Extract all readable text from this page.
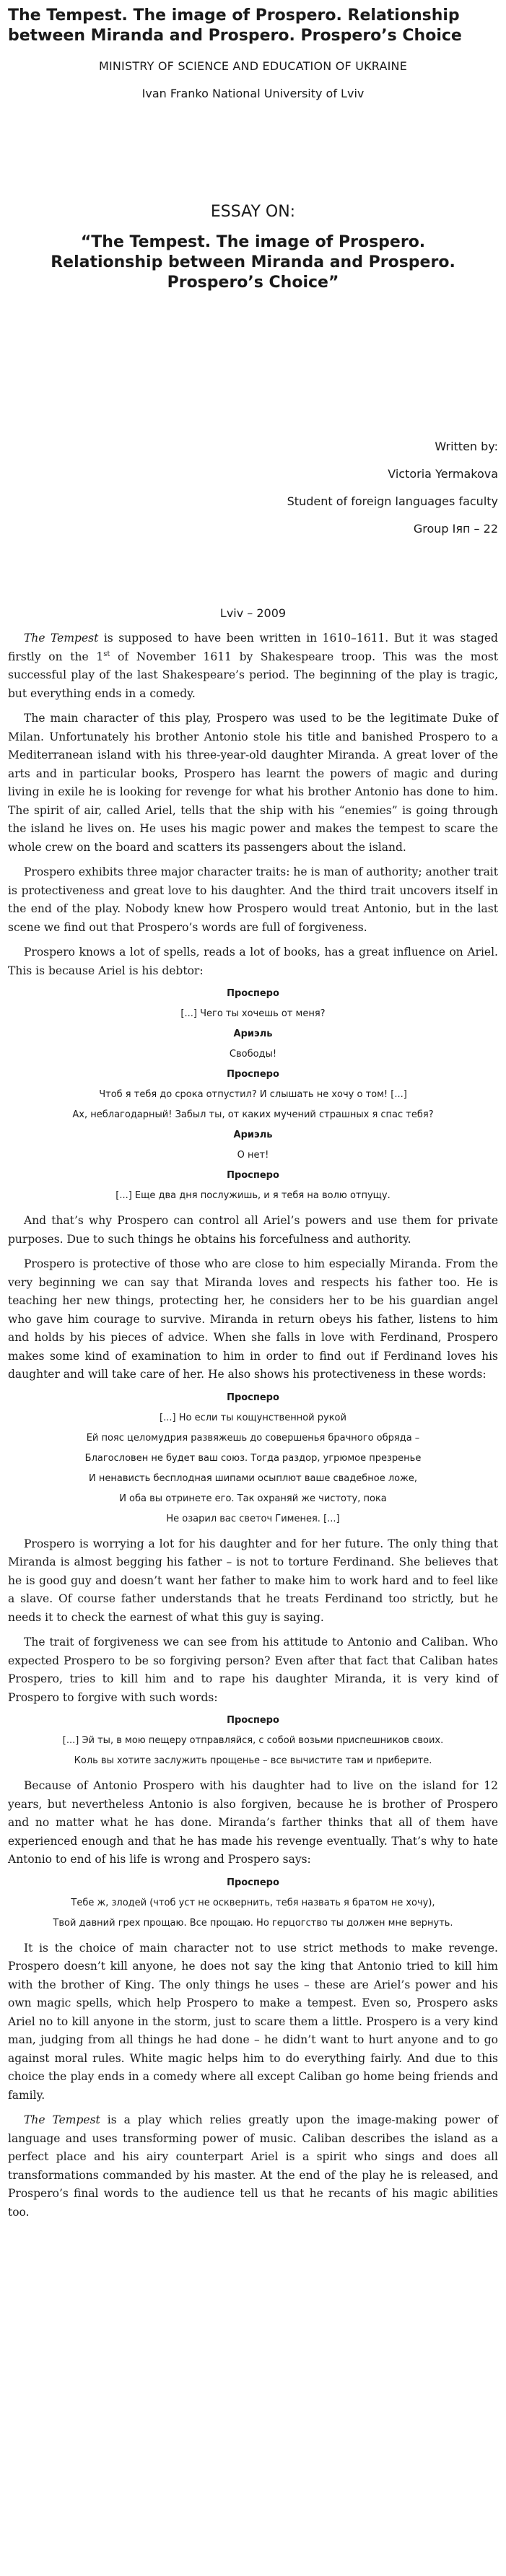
The Tempest. The image of Prospero. Relationship between Miranda and Prospero. Prospero’s Choice
MINISTRY OF SCIENCE AND EDUCATION OF UKRAINE
Ivan Franko National University of Lviv
ESSAY ON:
“The Tempest. The image of Prospero. Relationship between Miranda and Prospero. Prospero’s Choice”
Written by:
Victoria Yermakova
Student of foreign languages faculty
Group Іяп – 22
Lviv – 2009

The Tempest is supposed to have been written in 1610–1611. But it was staged firstly on the 1st of November 1611 by Shakespeare troop. This was the most successful play of the last Shakespeare’s period. The beginning of the play is tragic, but everything ends in a comedy.

The main character of this play, Prospero was used to be the legitimate Duke of Milan. Unfortunately his brother Antonio stole his title and banished Prospero to a Mediterranean island with his three-year-old daughter Miranda. A great lover of the arts and in particular books, Prospero has learnt the powers of magic and during living in exile he is looking for revenge for what his brother Antonio has done to him. The spirit of air, called Ariel, tells that the ship with his “enemies” is going through the island he lives on. He uses his magic power and makes the tempest to scare the whole crew on the board and scatters its passengers about the island.

Prospero exhibits three major character traits: he is man of authority; another trait is protectiveness and great love to his daughter. And the third trait uncovers itself in the end of the play. Nobody knew how Prospero would treat Antonio, but in the last scene we find out that Prospero’s words are full of forgiveness.

Prospero knows a lot of spells, reads a lot of books, has a great influence on Ariel. This is because Ariel is his debtor:

Просперо
[...] Чего ты хочешь от меня?
Ариэль
Свободы!
Просперо
Чтоб я тебя до срока отпустил? И слышать не хочу о том! [...]
Ах, неблагодарный! Забыл ты, от каких мучений страшных я спас тебя?
Ариэль
О нет!
Просперо
[...] Еще два дня послужишь, и я тебя на волю отпущу.

And that’s why Prospero can control all Ariel’s powers and use them for private purposes. Due to such things he obtains his forcefulness and authority.

Prospero is protective of those who are close to him especially Miranda. From the very beginning we can say that Miranda loves and respects his father too. He is teaching her new things, protecting her, he considers her to be his guardian angel who gave him courage to survive. Miranda in return obeys his father, listens to him and holds by his pieces of advice. When she falls in love with Ferdinand, Prospero makes some kind of examination to him in order to find out if Ferdinand loves his daughter and will take care of her. He also shows his protectiveness in these words:

Просперо
[...] Но если ты кощунственной рукой
Ей пояс целомудрия развяжешь до совершенья брачного обряда –
Благословен не будет ваш союз. Тогда раздор, угрюмое презренье
И ненависть бесплодная шипами осыплют ваше свадебное ложе,
И оба вы отринете его. Так охраняй же чистоту, пока
Не озарил вас светоч Гименея. [...]

Prospero is worrying a lot for his daughter and for her future. The only thing that Miranda is almost begging his father – is not to torture Ferdinand. She believes that he is good guy and doesn’t want her father to make him to work hard and to feel like a slave. Of course father understands that he treats Ferdinand too strictly, but he needs it to check the earnest of what this guy is saying.

The trait of forgiveness we can see from his attitude to Antonio and Caliban. Who expected Prospero to be so forgiving person? Even after that fact that Caliban hates Prospero, tries to kill him and to rape his daughter Miranda, it is very kind of Prospero to forgive with such words:

Просперо
[...] Эй ты, в мою пещеру отправляйся, с собой возьми приспешников своих.
Коль вы хотите заслужить прощенье – все вычистите там и приберите.

Because of Antonio Prospero with his daughter had to live on the island for 12 years, but nevertheless Antonio is also forgiven, because he is brother of Prospero and no matter what he has done. Miranda’s farther thinks that all of them have experienced enough and that he has made his revenge eventually. That’s why to hate Antonio to end of his life is wrong and Prospero says:

Просперо
Тебе ж, злодей (чтоб уст не осквернить, тебя назвать я братом не хочу),
Твой давний грех прощаю. Все прощаю. Но герцогство ты должен мне вернуть.

It is the choice of main character not to use strict methods to make revenge. Prospero doesn’t kill anyone, he does not say the king that Antonio tried to kill him with the brother of King. The only things he uses – these are Ariel’s power and his own magic spells, which help Prospero to make a tempest. Even so, Prospero asks Ariel no to kill anyone in the storm, just to scare them a little. Prospero is a very kind man, judging from all things he had done – he didn’t want to hurt anyone and to go against moral rules. White magic helps him to do everything fairly. And due to this choice the play ends in a comedy where all except Caliban go home being friends and family.

The Tempest is a play which relies greatly upon the image-making power of language and uses transforming power of music. Caliban describes the island as a perfect place and his airy counterpart Ariel is a spirit who sings and does all transformations commanded by his master. At the end of the play he is released, and Prospero’s final words to the audience tell us that he recants of his magic abilities too.
